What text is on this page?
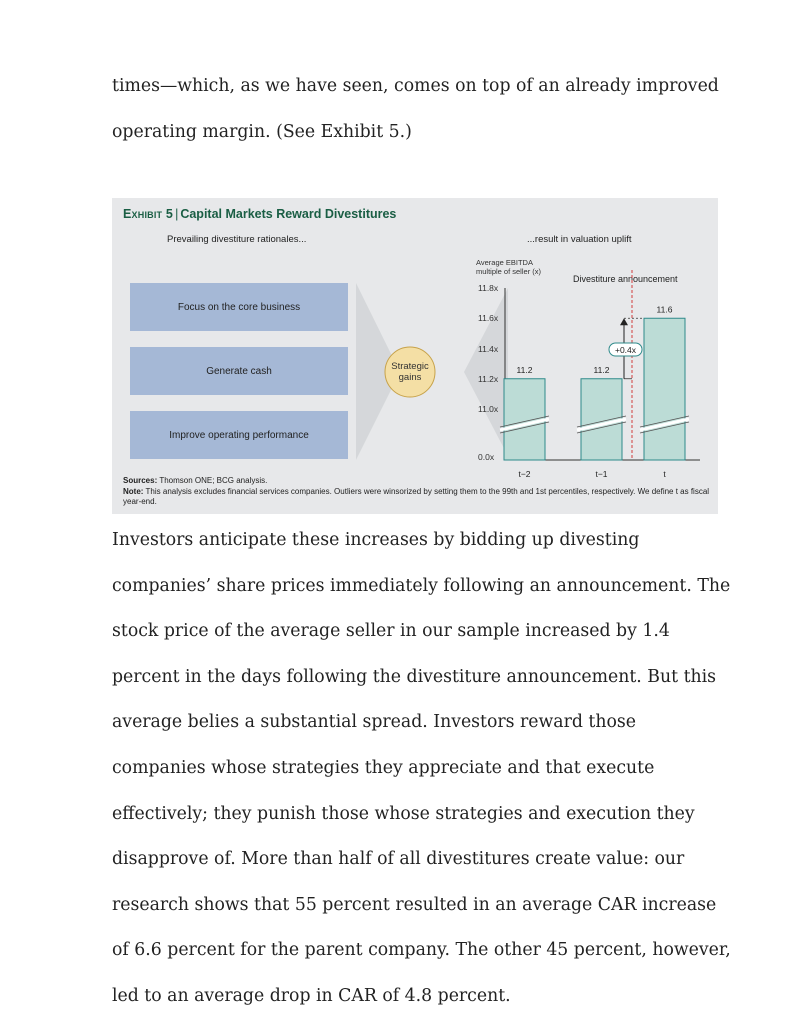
times—which, as we have seen, comes on top of an already improved operating margin. (See Exhibit 5.)

Exhibit 5 | Capital Markets Reward Divestitures
Prevailing divestiture rationales...	...result in valuation uplift
Focus on the core business
Generate cash
Improve operating performance
Strategic
gains
Average EBITDA
multiple of seller (x)
Divestiture announcement
11.8x
11.6x
11.4x
11.2x
11.0x
0.0x
11.2
t−2
11.2
t−1
11.6
t
+0.4x
Sources: Thomson ONE; BCG analysis.
Note: This analysis excludes financial services companies. Outliers were winsorized by setting them to the 99th and 1st percentiles, respectively. We define t as fiscal year-end.

Investors anticipate these increases by bidding up divesting companies’ share prices immediately following an announcement. The stock price of the average seller in our sample increased by 1.4 percent in the days following the divestiture announcement. But this average belies a substantial spread. Investors reward those companies whose strategies they appreciate and that execute effectively; they punish those whose strategies and execution they disapprove of. More than half of all divestitures create value: our research shows that 55 percent resulted in an average CAR increase of 6.6 percent for the parent company. The other 45 percent, however, led to an average drop in CAR of 4.8 percent.
